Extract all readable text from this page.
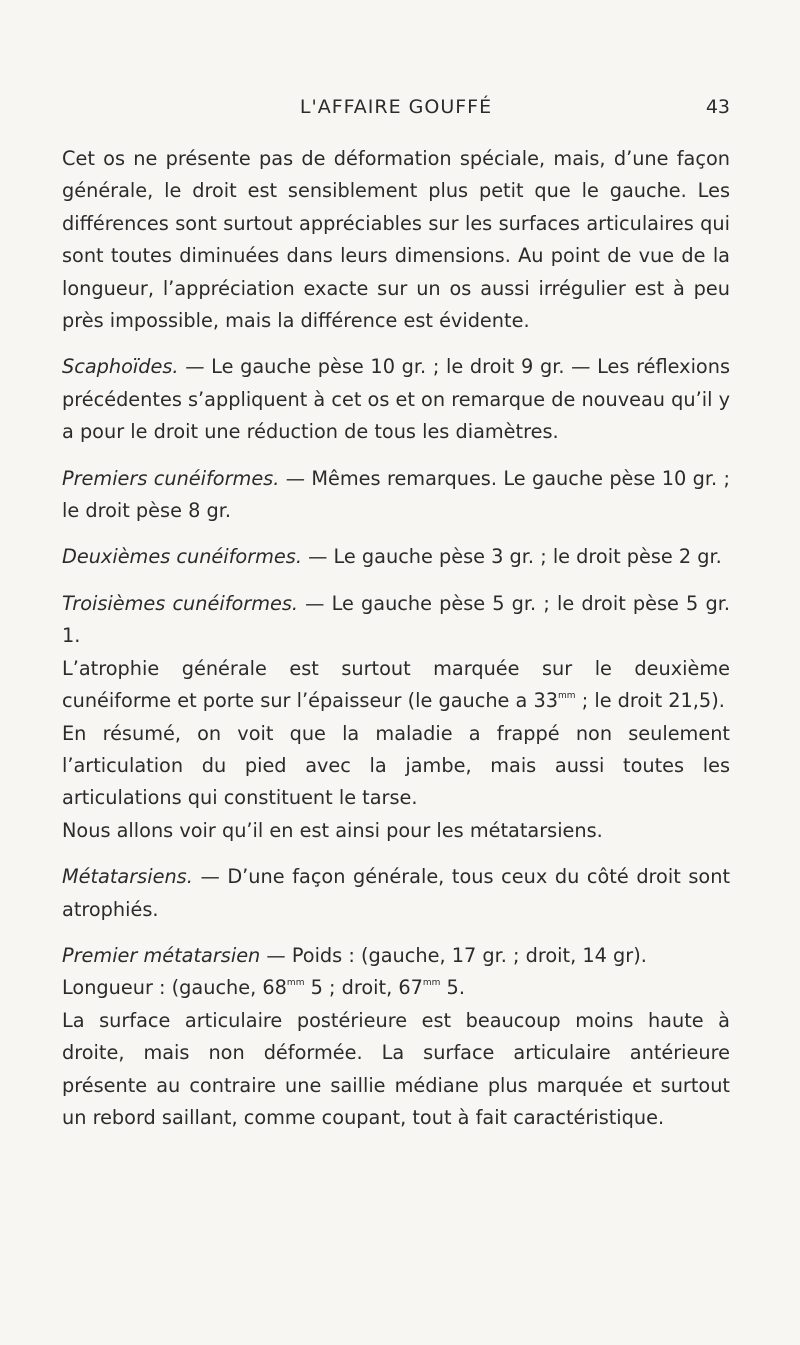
L'AFFAIRE GOUFFÉ	43

Cet os ne présente pas de déformation spéciale, mais, d’une façon générale, le droit est sensiblement plus petit que le gauche. Les différences sont surtout appréciables sur les surfaces articulaires qui sont toutes diminuées dans leurs dimensions. Au point de vue de la longueur, l’appréciation exacte sur un os aussi irrégulier est à peu près impossible, mais la différence est évidente.

Scaphoïdes. — Le gauche pèse 10 gr. ; le droit 9 gr. — Les réflexions précédentes s’appliquent à cet os et on remarque de nouveau qu’il y a pour le droit une réduction de tous les diamètres.

Premiers cunéiformes. — Mêmes remarques. Le gauche pèse 10 gr. ; le droit pèse 8 gr.

Deuxièmes cunéiformes. — Le gauche pèse 3 gr. ; le droit pèse 2 gr.

Troisièmes cunéiformes. — Le gauche pèse 5 gr. ; le droit pèse 5 gr. 1.

L’atrophie générale est surtout marquée sur le deuxième cunéiforme et porte sur l’épaisseur (le gauche a $33^{mm}$ ; le droit 21,5).

En résumé, on voit que la maladie a frappé non seulement l’articulation du pied avec la jambe, mais aussi toutes les articulations qui constituent le tarse.

Nous allons voir qu’il en est ainsi pour les métatarsiens.

Métatarsiens. — D’une façon générale, tous ceux du côté droit sont atrophiés.

Premier métatarsien — Poids : (gauche, 17 gr. ; droit, 14 gr).
Longueur : (gauche, $68^{mm}$ 5 ; droit, $67^{mm}$ 5.

La surface articulaire postérieure est beaucoup moins haute à droite, mais non déformée. La surface articulaire antérieure présente au contraire une saillie médiane plus marquée et surtout un rebord saillant, comme coupant, tout à fait caractéristique.
